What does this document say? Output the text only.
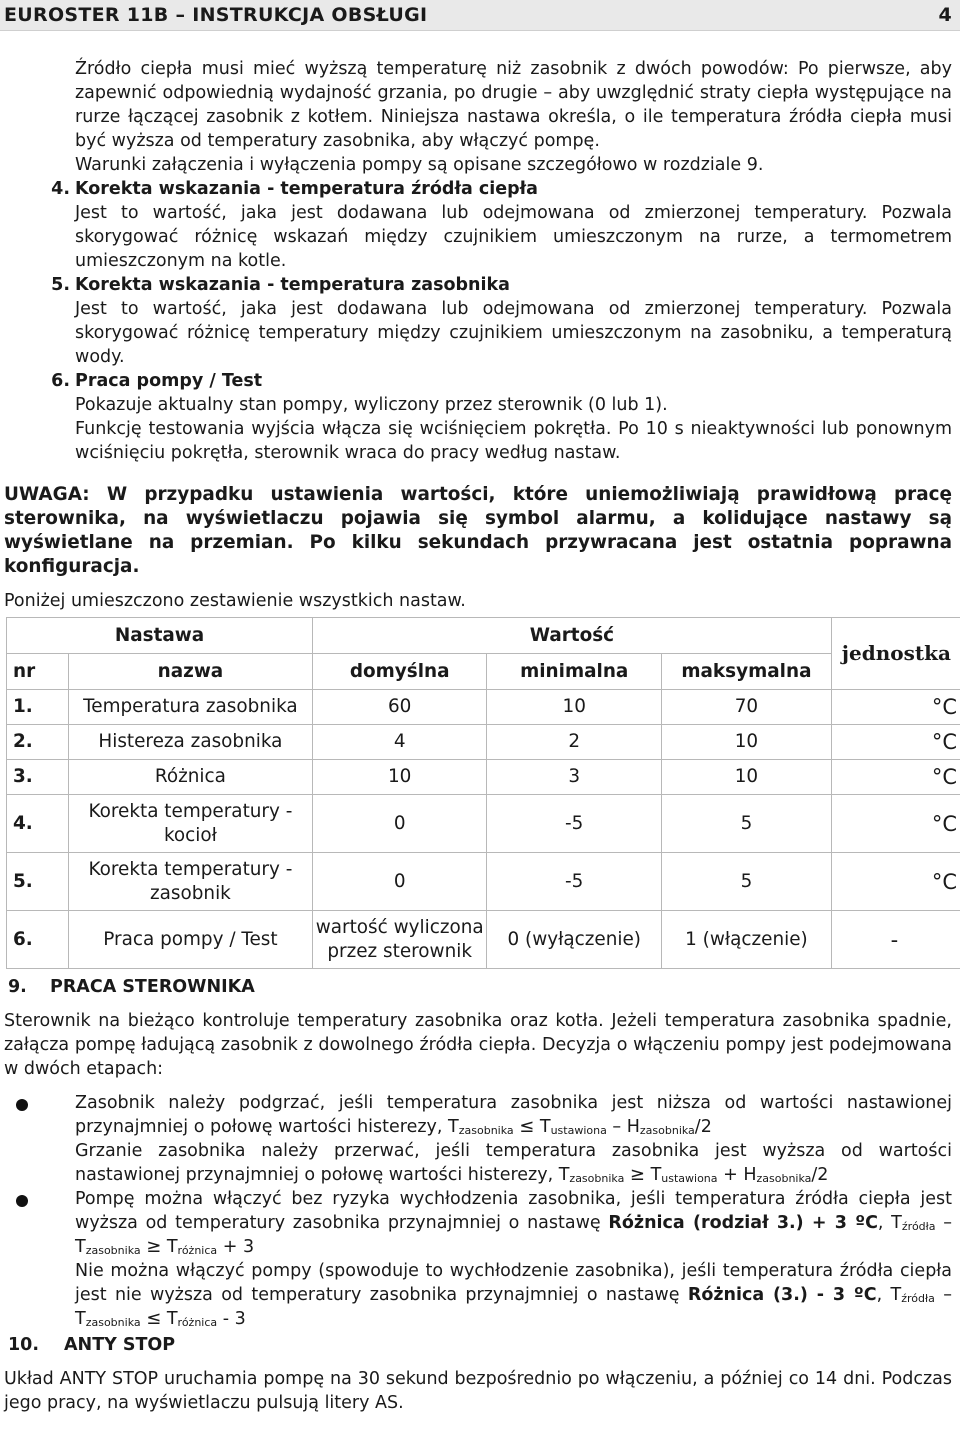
EUROSTER 11B – INSTRUKCJA OBSŁUGI	4
Źródło ciepła musi mieć wyższą temperaturę niż zasobnik z dwóch powodów: Po pierwsze, aby zapewnić odpowiednią wydajność grzania, po drugie – aby uwzględnić straty ciepła występujące na rurze łączącej zasobnik z kotłem. Niniejsza nastawa określa, o ile temperatura źródła ciepła musi być wyższa od temperatury zasobnika, aby włączyć pompę.
Warunki załączenia i wyłączenia pompy są opisane szczegółowo w rozdziale 9.
4. Korekta wskazania - temperatura źródła ciepła
Jest to wartość, jaka jest dodawana lub odejmowana od zmierzonej temperatury. Pozwala skorygować różnicę wskazań między czujnikiem umieszczonym na rurze, a termometrem umieszczonym na kotle.
5. Korekta wskazania - temperatura zasobnika
Jest to wartość, jaka jest dodawana lub odejmowana od zmierzonej temperatury. Pozwala skorygować różnicę temperatury między czujnikiem umieszczonym na zasobniku, a temperaturą wody.
6. Praca pompy / Test
Pokazuje aktualny stan pompy, wyliczony przez sterownik (0 lub 1).
Funkcję testowania wyjścia włącza się wciśnięciem pokrętła. Po 10 s nieaktywności lub ponownym wciśnięciu pokrętła, sterownik wraca do pracy według nastaw.
UWAGA: W przypadku ustawienia wartości, które uniemożliwiają prawidłową pracę sterownika, na wyświetlaczu pojawia się symbol alarmu, a kolidujące nastawy są wyświetlane na przemian. Po kilku sekundach przywracana jest ostatnia poprawna konfiguracja.
Poniżej umieszczono zestawienie wszystkich nastaw.
Nastawa		Wartość			jednostka
nr	nazwa	domyślna	minimalna	maksymalna	
1.	Temperatura zasobnika	60	10	70	°C
2.	Histereza zasobnika	4	2	10	°C
3.	Różnica	10	3	10	°C
4.	Korekta temperatury - kocioł	0	-5	5	°C
5.	Korekta temperatury - zasobnik	0	-5	5	°C
6.	Praca pompy / Test	wartość wyliczona przez sterownik	0 (wyłączenie)	1 (włączenie)	-
9.	PRACA STEROWNIKA
Sterownik na bieżąco kontroluje temperatury zasobnika oraz kotła. Jeżeli temperatura zasobnika spadnie, załącza pompę ładującą zasobnik z dowolnego źródła ciepła. Decyzja o włączeniu pompy jest podejmowana w dwóch etapach:
Zasobnik należy podgrzać, jeśli temperatura zasobnika jest niższa od wartości nastawionej przynajmniej o połowę wartości histerezy, $T_{zasobnika} \le T_{ustawiona} - H_{zasobnika}/2$
Grzanie zasobnika należy przerwać, jeśli temperatura zasobnika jest wyższa od wartości nastawionej przynajmniej o połowę wartości histerezy, $T_{zasobnika} \ge T_{ustawiona} + H_{zasobnika}/2$
Pompę można włączyć bez ryzyka wychłodzenia zasobnika, jeśli temperatura źródła ciepła jest wyższa od temperatury zasobnika przynajmniej o nastawę Różnica (rodział 3.) + 3 ºC, $T_{źródła} - T_{zasobnika} \ge T_{różnica} + 3$
Nie można włączyć pompy (spowoduje to wychłodzenie zasobnika), jeśli temperatura źródła ciepła jest nie wyższa od temperatury zasobnika przynajmniej o nastawę Różnica (3.) - 3 ºC, $T_{źródła} - T_{zasobnika} \le T_{różnica} - 3$
10.	ANTY STOP
Układ ANTY STOP uruchamia pompę na 30 sekund bezpośrednio po włączeniu, a później co 14 dni. Podczas jego pracy, na wyświetlaczu pulsują litery AS.
